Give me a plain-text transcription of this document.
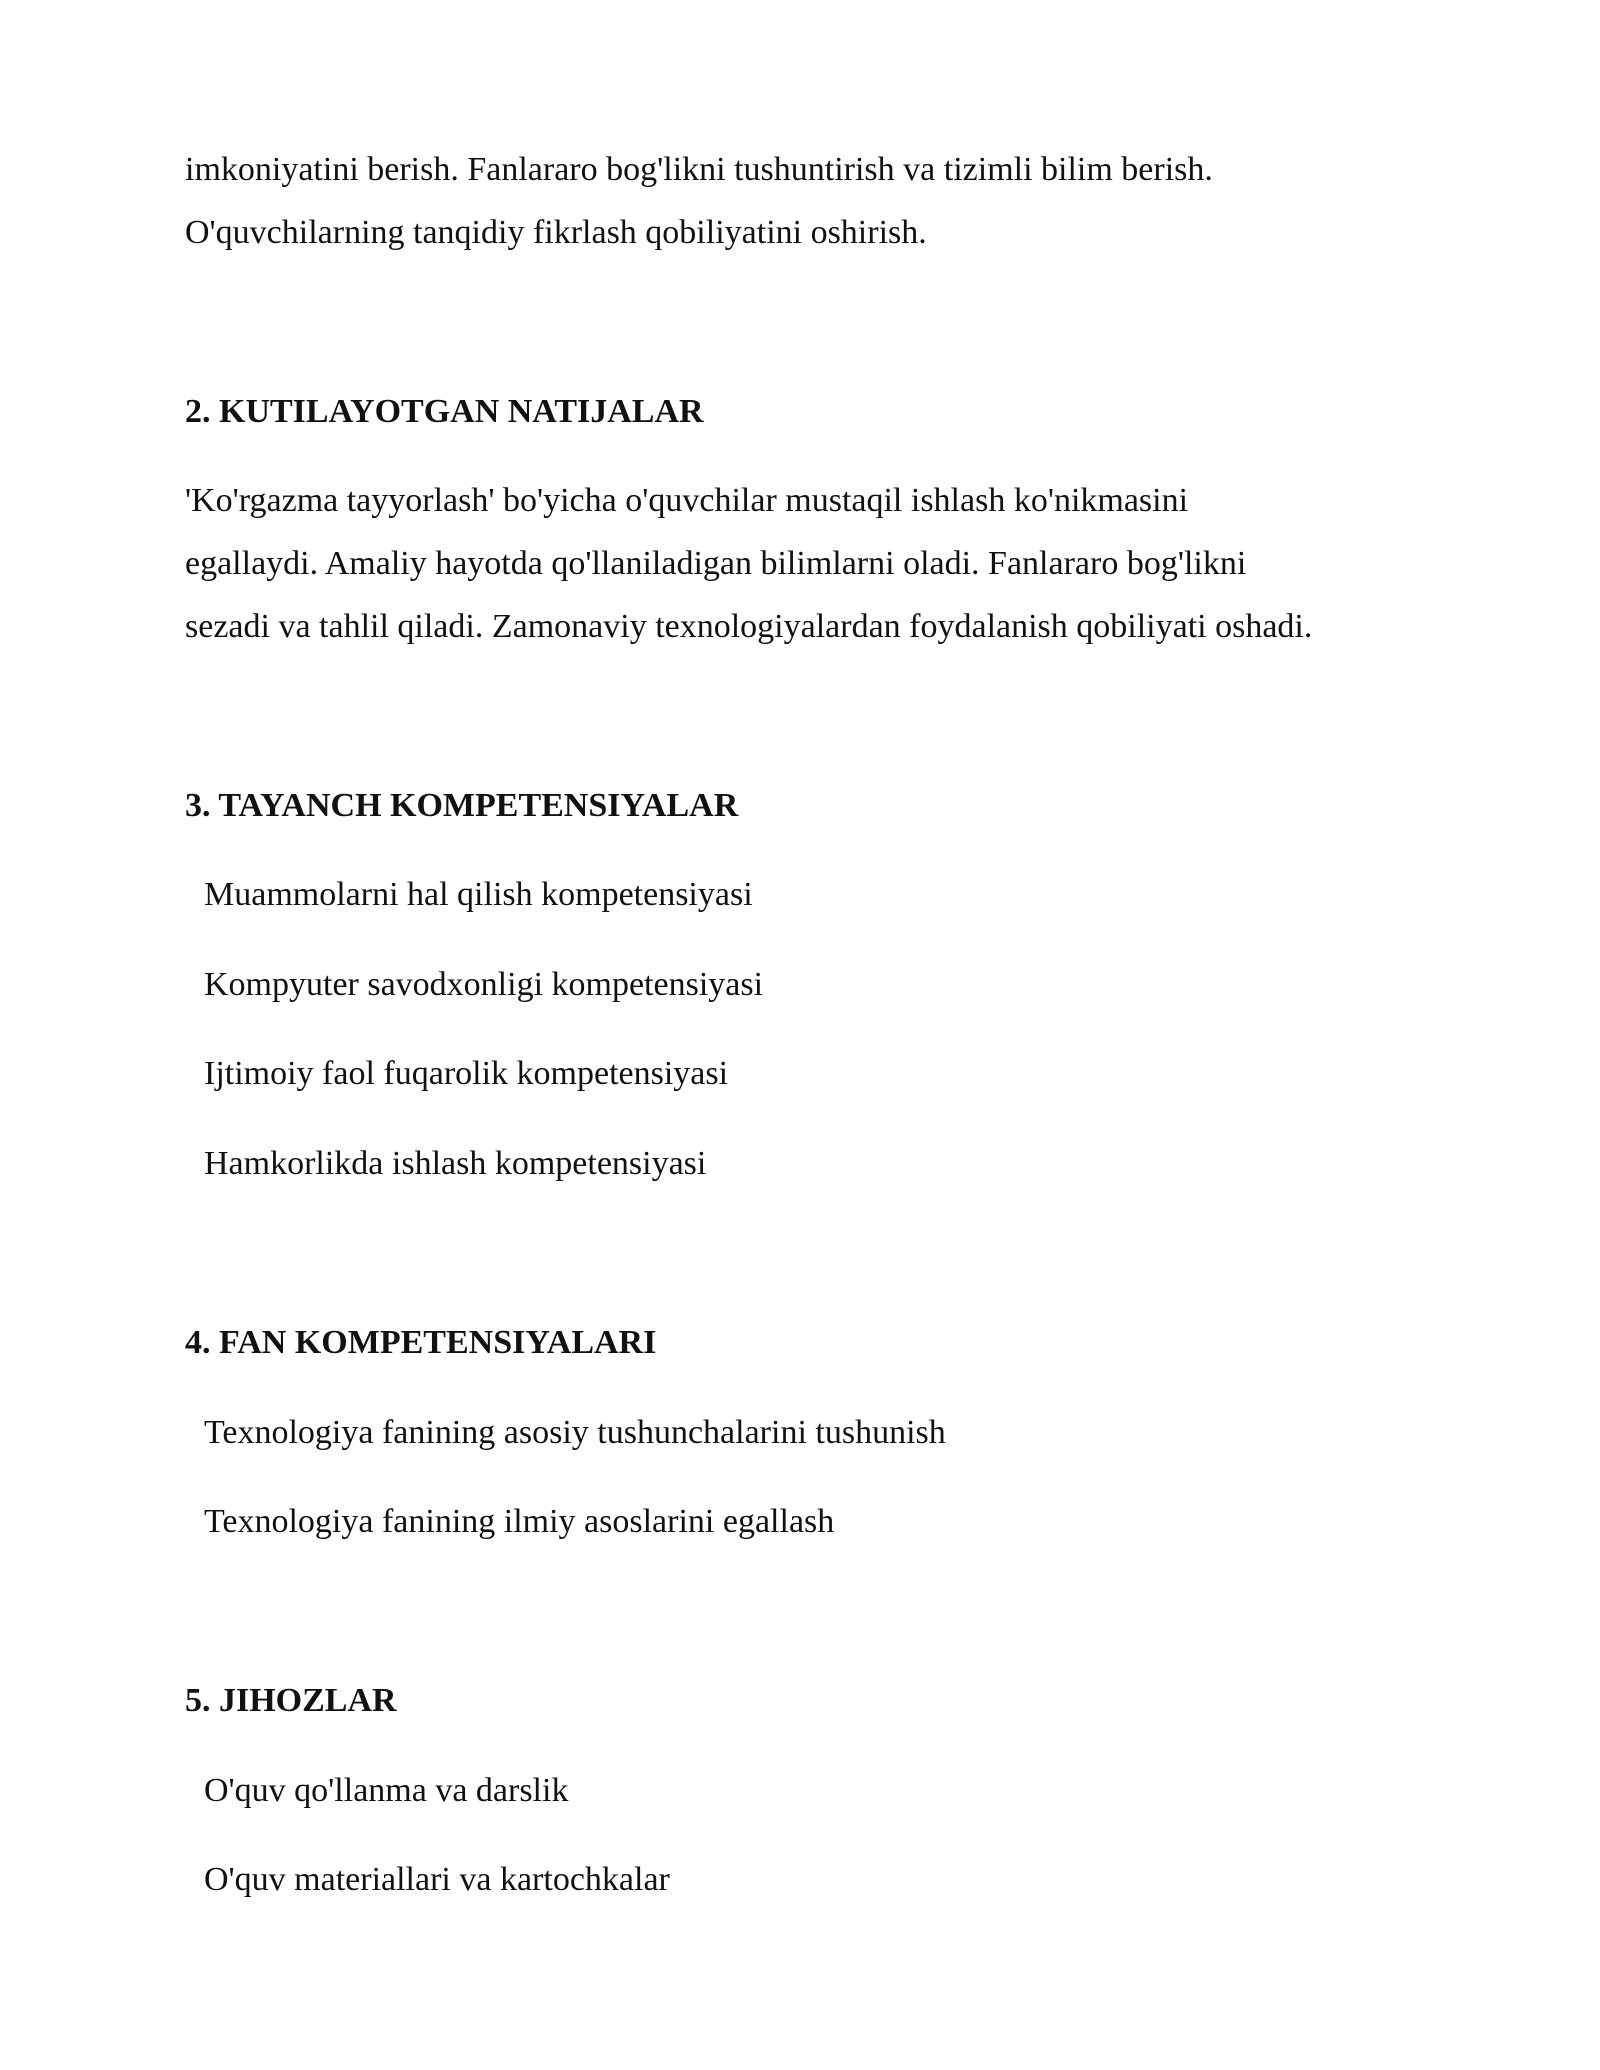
imkoniyatini berish. Fanlararo bog'likni tushuntirish va tizimli bilim berish.
O'quvchilarning tanqidiy fikrlash qobiliyatini oshirish.
2. KUTILAYOTGAN NATIJALAR
'Ko'rgazma tayyorlash' bo'yicha o'quvchilar mustaqil ishlash ko'nikmasini
egallaydi. Amaliy hayotda qo'llaniladigan bilimlarni oladi. Fanlararo bog'likni
sezadi va tahlil qiladi. Zamonaviy texnologiyalardan foydalanish qobiliyati oshadi.
3. TAYANCH KOMPETENSIYALAR
Muammolarni hal qilish kompetensiyasi
Kompyuter savodxonligi kompetensiyasi
Ijtimoiy faol fuqarolik kompetensiyasi
Hamkorlikda ishlash kompetensiyasi
4. FAN KOMPETENSIYALARI
Texnologiya fanining asosiy tushunchalarini tushunish
Texnologiya fanining ilmiy asoslarini egallash
5. JIHOZLAR
O'quv qo'llanma va darslik
O'quv materiallari va kartochkalar
